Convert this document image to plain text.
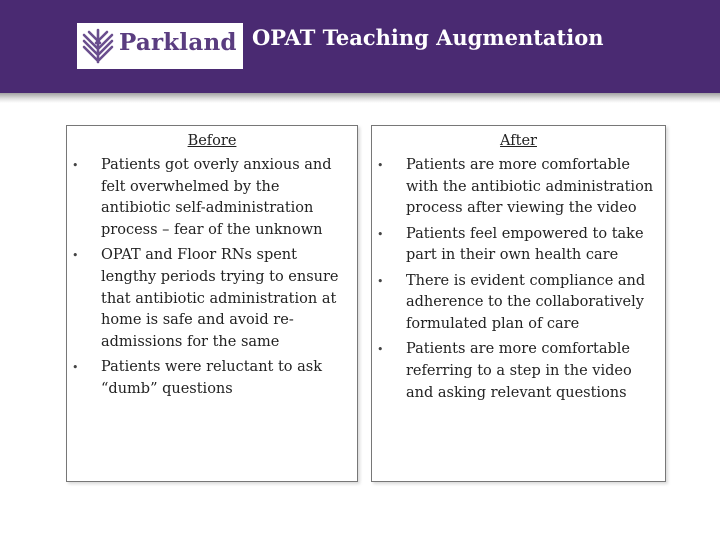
Parkland OPAT Teaching Augmentation
Before
• Patients got overly anxious and felt overwhelmed by the antibiotic self-administration process – fear of the unknown
• OPAT and Floor RNs spent lengthy periods trying to ensure that antibiotic administration at home is safe and avoid re-admissions for the same
• Patients were reluctant to ask “dumb” questions
After
• Patients are more comfortable with the antibiotic administration process after viewing the video
• Patients feel empowered to take part in their own health care
• There is evident compliance and adherence to the collaboratively formulated plan of care
• Patients are more comfortable referring to a step in the video and asking relevant questions
